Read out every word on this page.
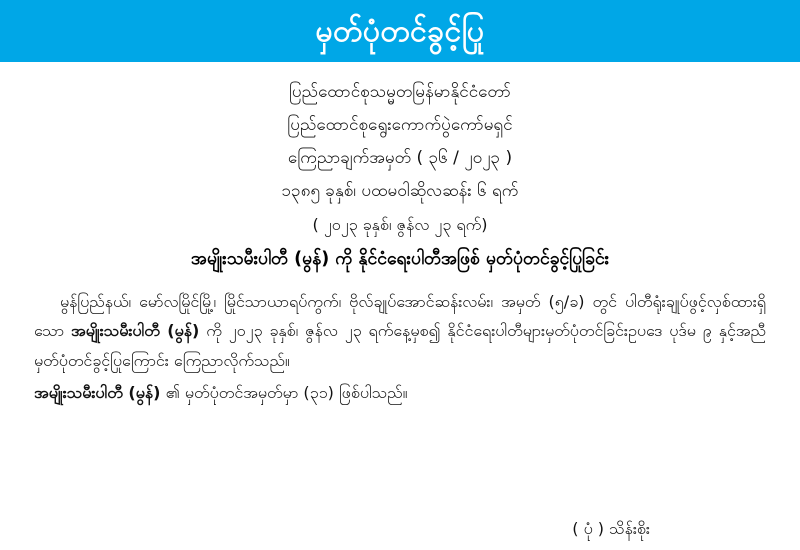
မှတ်ပုံတင်ခွင့်ပြု
ပြည်ထောင်စုသမ္မတမြန်မာနိုင်ငံတော်
ပြည်ထောင်စုရွေးကောက်ပွဲကော်မရှင်
ကြေညာချက်အမှတ် ( ၃၆ / ၂၀၂၃ )
၁၃၈၅ ခုနှစ်၊ ပထမဝါဆိုလဆန်း ၆ ရက်
( ၂၀၂၃ ခုနှစ်၊ ဇွန်လ ၂၃ ရက်)
အမျိုးသမီးပါတီ (မွန်) ကို နိုင်ငံရေးပါတီအဖြစ် မှတ်ပုံတင်ခွင့်ပြုခြင်း
မွန်ပြည်နယ်၊ မော်လမြိုင်မြို့၊ မြိုင်သာယာရပ်ကွက်၊ ဗိုလ်ချုပ်အောင်ဆန်းလမ်း၊ အမှတ် (၅/ခ) တွင် ပါတီရုံးချုပ်ဖွင့်လှစ်ထားရှိသော အမျိုးသမီးပါတီ (မွန်) ကို ၂၀၂၃ ခုနှစ်၊ ဇွန်လ ၂၃ ရက်နေ့မှစ၍ နိုင်ငံရေးပါတီများမှတ်ပုံတင်ခြင်းဥပဒေ ပုဒ်မ ၉ နှင့်အညီ မှတ်ပုံတင်ခွင့်ပြုကြောင်း ကြေညာလိုက်သည်။
အမျိုးသမီးပါတီ (မွန်) ၏ မှတ်ပုံတင်အမှတ်မှာ (၃၁) ဖြစ်ပါသည်။
( ပုံ ) သိန်းစိုး
